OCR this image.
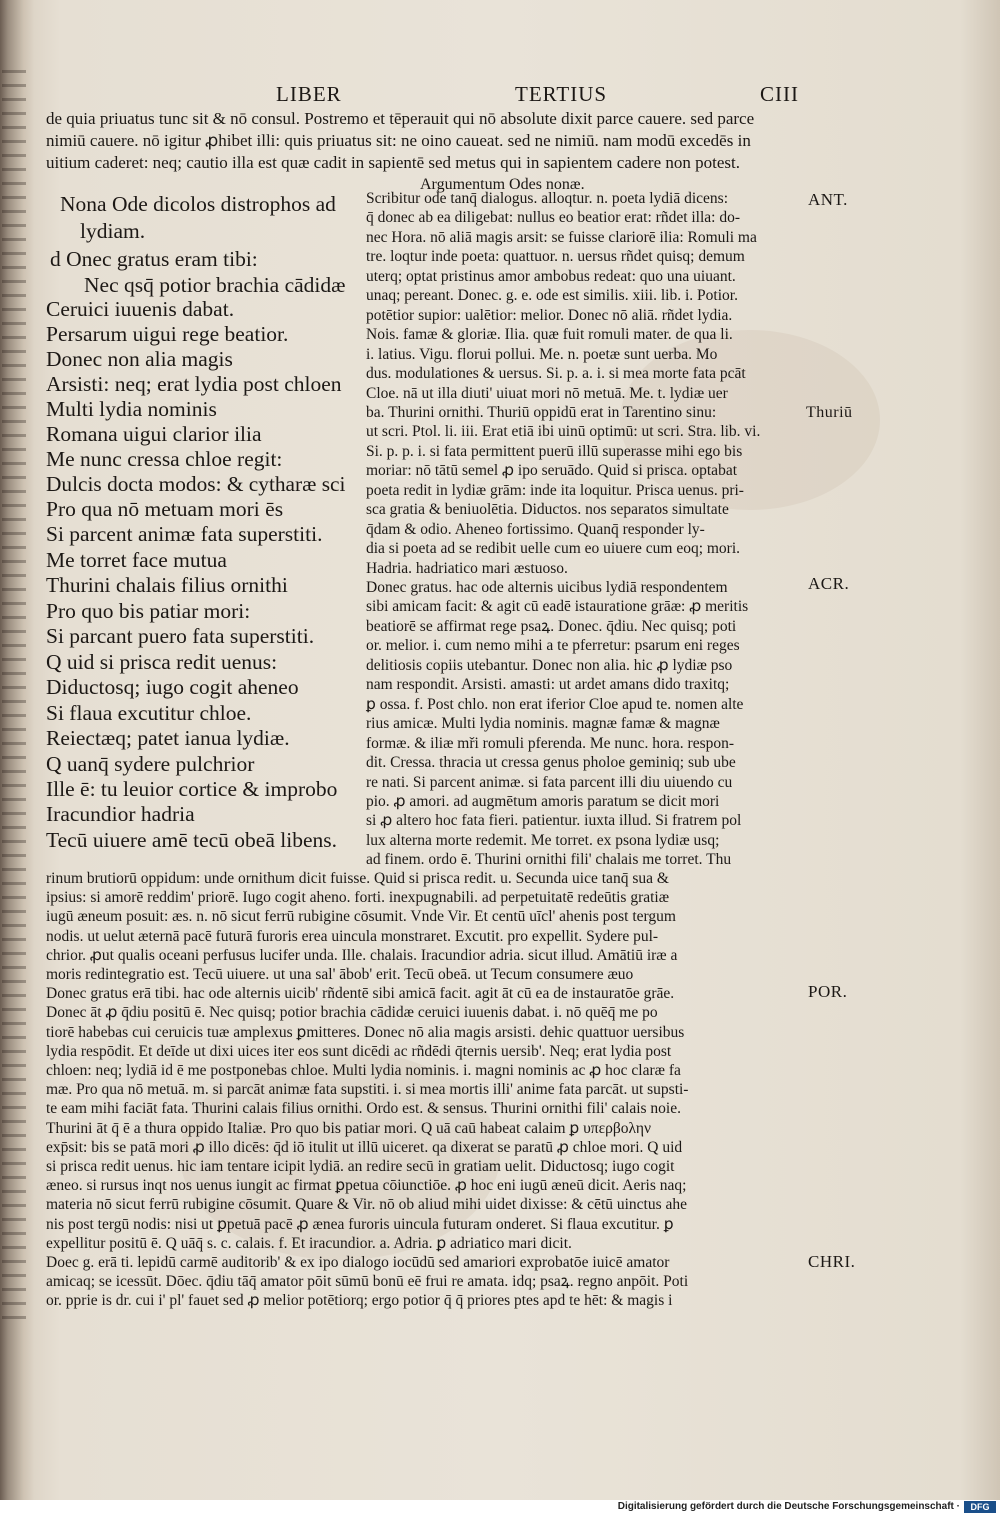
LIBER	TERTIUS	CIII
de quia priuatus tunc sit & nō consul. Postremo et tēperauit qui nō absolute dixit parce cauere. sed parce
nimiū cauere. nō igitur ꝓhibet illi: quis priuatus sit: ne oino caueat. sed ne nimiū. nam modū excedēs in
uitium caderet: neq; cautio illa est quæ cadit in sapientē sed metus qui in sapientem cadere non potest.
Argumentum Odes nonæ.
Nona Ode dicolos distrophos ad
lydiam.
d Onec gratus eram tibi:
Nec qsq̄ potior brachia cādidæ
Ceruici iuuenis dabat.
Persarum uigui rege beatior.
Donec non alia magis
Arsisti: neq; erat lydia post chloen
Multi lydia nominis
Romana uigui clarior ilia
Me nunc cressa chloe regit:
Dulcis docta modos: & cytharæ sci
Pro qua nō metuam mori ēs
Si parcent animæ fata superstiti.
Me torret face mutua
Thurini chalais filius ornithi
Pro quo bis patiar mori:
Si parcant puero fata superstiti.
Q uid si prisca redit uenus:
Diductosq; iugo cogit aheneo
Si flaua excutitur chloe.
Reiectæq; patet ianua lydiæ.
Q uanq̄ sydere pulchrior
Ille ē: tu leuior cortice & improbo
Iracundior hadria
Tecū uiuere amē tecū obeā libens.
Scribitur ode tanq̄ dialogus. alloqtur. n. poeta lydiā dicens:
q̄ donec ab ea diligebat: nullus eo beatior erat: rñdet illa: do-
nec Hora. nō aliā magis arsit: se fuisse clariorē ilia: Romuli ma
tre. loqtur inde poeta: quattuor. n. uersus rñdet quisq; demum
uterq; optat pristinus amor ambobus redeat: quo una uiuant.
unaq; pereant. Donec. g. e. ode est similis. xiii. lib. i. Potior.
potētior supior: ualētior: melior. Donec nō aliā. rñdet lydia.
Nois. famæ & gloriæ. Ilia. quæ fuit romuli mater. de qua li.
i. latius. Vigu. florui pollui. Me. n. poetæ sunt uerba. Mo
dus. modulationes & uersus. Si. p. a. i. si mea morte fata pcāt
Cloe. nā ut illa diuti' uiuat mori nō metuā. Me. t. lydiæ uer
ba. Thurini ornithi. Thuriū oppidū erat in Tarentino sinu:
ut scri. Ptol. li. iii. Erat etiā ibi uinū optimū: ut scri. Stra. lib. vi.
Si. p. p. i. si fata permittent puerū illū superasse mihi ego bis
moriar: nō tātū semel ꝓ ipo seruādo. Quid si prisca. optabat
poeta redit in lydiæ grām: inde ita loquitur. Prisca uenus. pri-
sca gratia & beniuolētia. Diductos. nos separatos simultate
q̄dam & odio. Aheneo fortissimo. Quanq̄ responder ly-
dia si poeta ad se redibit uelle cum eo uiuere cum eoq; mori.
Hadria. hadriatico mari æstuoso.
Donec gratus. hac ode alternis uicibus lydiā respondentem
sibi amicam facit: & agit cū eadē istauratione grāæ: ꝓ meritis
beatiorē se affirmat rege psaꝝ. Donec. q̄diu. Nec quisq; poti
or. melior. i. cum nemo mihi a te pferretur: psarum eni reges
delitiosis copiis utebantur. Donec non alia. hic ꝓ lydiæ pso
nam respondit. Arsisti. amasti: ut ardet amans dido traxitq;
ꝑ ossa. f. Post chlo. non erat iferior Cloe apud te. nomen alte
rius amicæ. Multi lydia nominis. magnæ famæ & magnæ
formæ. & iliæ mři romuli pferenda. Me nunc. hora. respon-
dit. Cressa. thracia ut cressa genus pholoe geminiq; sub ube
re nati. Si parcent animæ. si fata parcent illi diu uiuendo cu
pio. ꝓ amori. ad augmētum amoris paratum se dicit mori
si ꝓ altero hoc fata fieri. patientur. iuxta illud. Si fratrem pol
lux alterna morte redemit. Me torret. ex psona lydiæ usq;
ad finem. ordo ē. Thurini ornithi fili' chalais me torret. Thu
rinum brutiorū oppidum: unde ornithum dicit fuisse. Quid si prisca redit. u. Secunda uice tanq̄ sua &
ipsius: si amorē reddim' priorē. Iugo cogit aheno. forti. inexpugnabili. ad perpetuitatē redeūtis gratiæ
iugū æneum posuit: æs. n. nō sicut ferrū rubigine cōsumit. Vnde Vir. Et centū uīcl' ahenis post tergum
nodis. ut uelut æternā pacē futurā furoris erea uincula monstraret. Excutit. pro expellit. Sydere pul-
chrior. ꝓut qualis oceani perfusus lucifer unda. Ille. chalais. Iracundior adria. sicut illud. Amātiū iræ a
moris redintegratio est. Tecū uiuere. ut una sal' ābob' erit. Tecū obeā. ut Tecum consumere æuo
Donec gratus erā tibi. hac ode alternis uicib' rñdentē sibi amicā facit. agit āt cū ea de instauratōe grāe.
Donec āt ꝓ q̄diu positū ē. Nec quisq; potior brachia cādidæ ceruici iuuenis dabat. i. nō quēq̄ me po
tiorē habebas cui ceruicis tuæ amplexus ꝑmitteres. Donec nō alia magis arsisti. dehic quattuor uersibus
lydia respōdit. Et deīde ut dixi uices iter eos sunt dicēdi ac rñdēdi q̄ternis uersib'. Neq; erat lydia post
chloen: neq; lydiā id ē me postponebas chloe. Multi lydia nominis. i. magni nominis ac ꝓ hoc claræ fa
mæ. Pro qua nō metuā. m. si parcāt animæ fata supstiti. i. si mea mortis illi' anime fata parcāt. ut supsti-
te eam mihi faciāt fata. Thurini calais filius ornithi. Ordo est. & sensus. Thurini ornithi fili' calais noie.
Thurini āt q̄ ē a thura oppido Italiæ. Pro quo bis patiar mori. Q uā caū habeat calaim ꝑ υπερβολην
exp̄sit: bis se patā mori ꝓ illo dicēs: q̄d iō itulit ut illū uiceret. qa dixerat se paratū ꝓ chloe mori. Q uid
si prisca redit uenus. hic iam tentare icipit lydiā. an redire secū in gratiam uelit. Diductosq; iugo cogit
æneo. si rursus inqt nos uenus iungit ac firmat ꝑpetua cōiunctiōe. ꝓ hoc eni iugū æneū dicit. Aeris naq;
materia nō sicut ferrū rubigine cōsumit. Quare & Vir. nō ob aliud mihi uidet dixisse: & cētū uinctus ahe
nis post tergū nodis: nisi ut ꝑpetuā pacē ꝓ ænea furoris uincula futuram onderet. Si flaua excutitur. ꝑ
expellitur positū ē. Q uāq̄ s. c. calais. f. Et iracundior. a. Adria. ꝑ adriatico mari dicit.
Doec g. erā ti. lepidū carmē auditorib' & ex ipo dialogo iocūdū sed amariori exprobatōe iuicē amator
amicaq; se icessūt. Dōec. q̄diu tāq̄ amator pōit sūmū bonū eē frui re amata. idq; psaꝝ. regno anpōit. Poti
or. pprie is dr. cui i' pl' fauet sed ꝓ melior potētiorq; ergo potior q̄ q̄ priores ptes apd te hēt: & magis i
ANT.
Thuriū
ACR.
POR.
CHRI.
Digitalisierung gefördert durch die Deutsche Forschungsgemeinschaft ·	DFG
